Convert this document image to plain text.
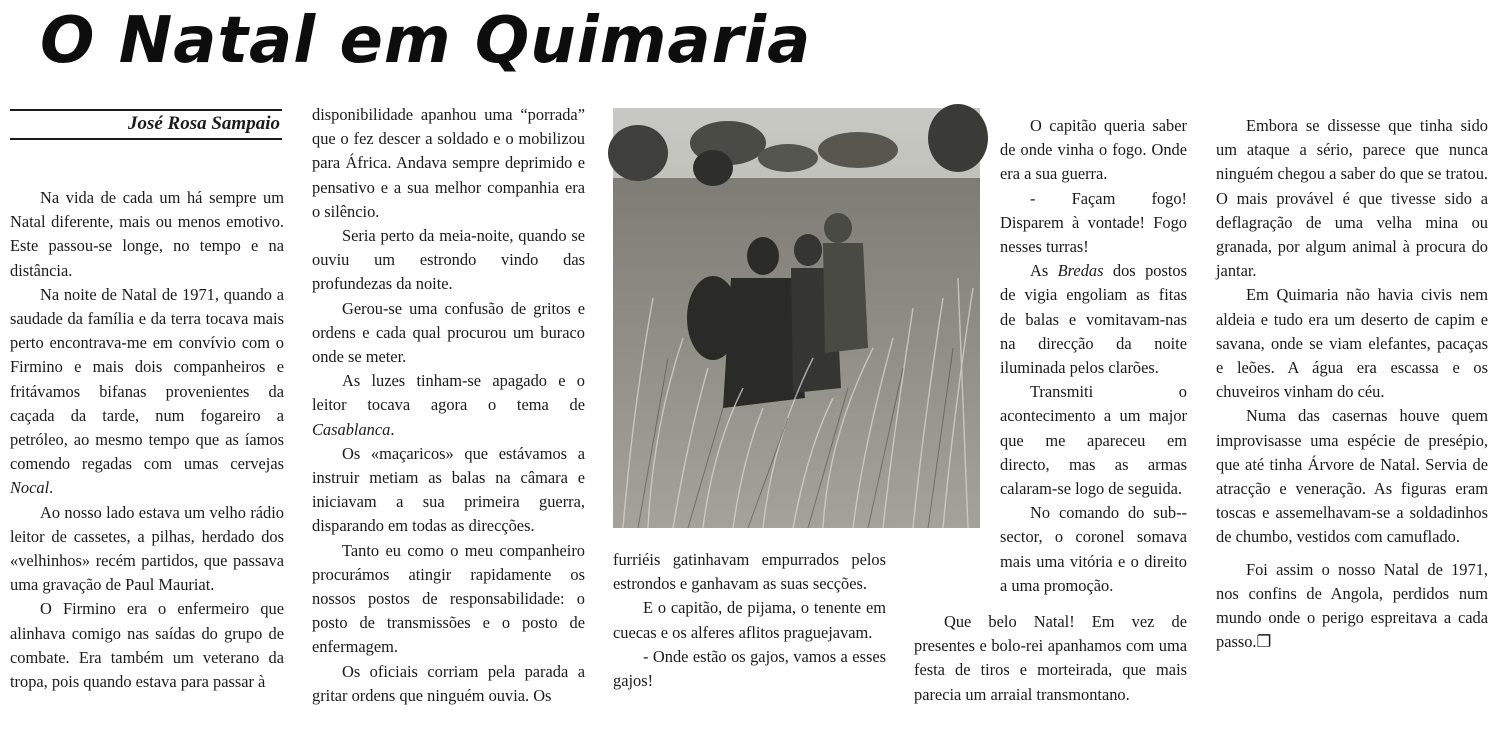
O Natal em Quimaria
José Rosa Sampaio

Na vida de cada um há sempre um Natal diferente, mais ou menos emotivo. Este passou-se longe, no tempo e na distância.

Na noite de Natal de 1971, quando a saudade da família e da terra tocava mais perto encontrava-me em convívio com o Firmino e mais dois companheiros e fritávamos bifanas provenientes da caçada da tarde, num fogareiro a petróleo, ao mesmo tempo que as íamos comendo regadas com umas cervejas Nocal.

Ao nosso lado estava um velho rádio leitor de cassetes, a pilhas, herdado dos «velhinhos» recém partidos, que passava uma gravação de Paul Mauriat.

O Firmino era o enfermeiro que alinhava comigo nas saídas do grupo de combate. Era também um veterano da tropa, pois quando estava para passar à

disponibilidade apanhou uma “porrada” que o fez descer a soldado e o mobilizou para África. Andava sempre deprimido e pensativo e a sua melhor companhia era o silêncio.

Seria perto da meia-noite, quando se ouviu um estrondo vindo das profundezas da noite.

Gerou-se uma confusão de gritos e ordens e cada qual procurou um buraco onde se meter.

As luzes tinham-se apagado e o leitor tocava agora o tema de Casablanca.

Os «maçaricos» que estávamos a instruir metiam as balas na câmara e iniciavam a sua primeira guerra, disparando em todas as direcções.

Tanto eu como o meu companheiro procurámos atingir rapidamente os nossos postos de responsabilidade: o posto de transmissões e o posto de enfermagem.

Os oficiais corriam pela parada a gritar ordens que ninguém ouvia. Os

furriéis gatinhavam empurrados pelos estrondos e ganhavam as suas secções.

E o capitão, de pijama, o tenente em cuecas e os alferes aflitos praguejavam.

- Onde estão os gajos, vamos a esses gajos!

O capitão queria saber de onde vinha o fogo. Onde era a sua guerra.

- Façam fogo! Disparem à vontade! Fogo nesses turras!

As Bredas dos postos de vigia engoliam as fitas de balas e vomitavam-nas na direcção da noite iluminada pelos clarões.

Transmiti o acontecimento a um major que me apareceu em directo, mas as armas calaram-se logo de seguida.

No comando do sub--sector, o coronel somava mais uma vitória e o direito a uma promoção.

Que belo Natal! Em vez de presentes e bolo-rei apanhamos com uma festa de tiros e morteirada, que mais parecia um arraial transmontano.

Embora se dissesse que tinha sido um ataque a sério, parece que nunca ninguém chegou a saber do que se tratou. O mais provável é que tivesse sido a deflagração de uma velha mina ou granada, por algum animal à procura do jantar.

Em Quimaria não havia civis nem aldeia e tudo era um deserto de capim e savana, onde se viam elefantes, pacaças e leões. A água era escassa e os chuveiros vinham do céu.

Numa das casernas houve quem improvisasse uma espécie de presépio, que até tinha Árvore de Natal. Servia de atracção e veneração. As figuras eram toscas e assemelhavam-se a soldadinhos de chumbo, vestidos com camuflado.

Foi assim o nosso Natal de 1971, nos confins de Angola, perdidos num mundo onde o perigo espreitava a cada passo.❐
